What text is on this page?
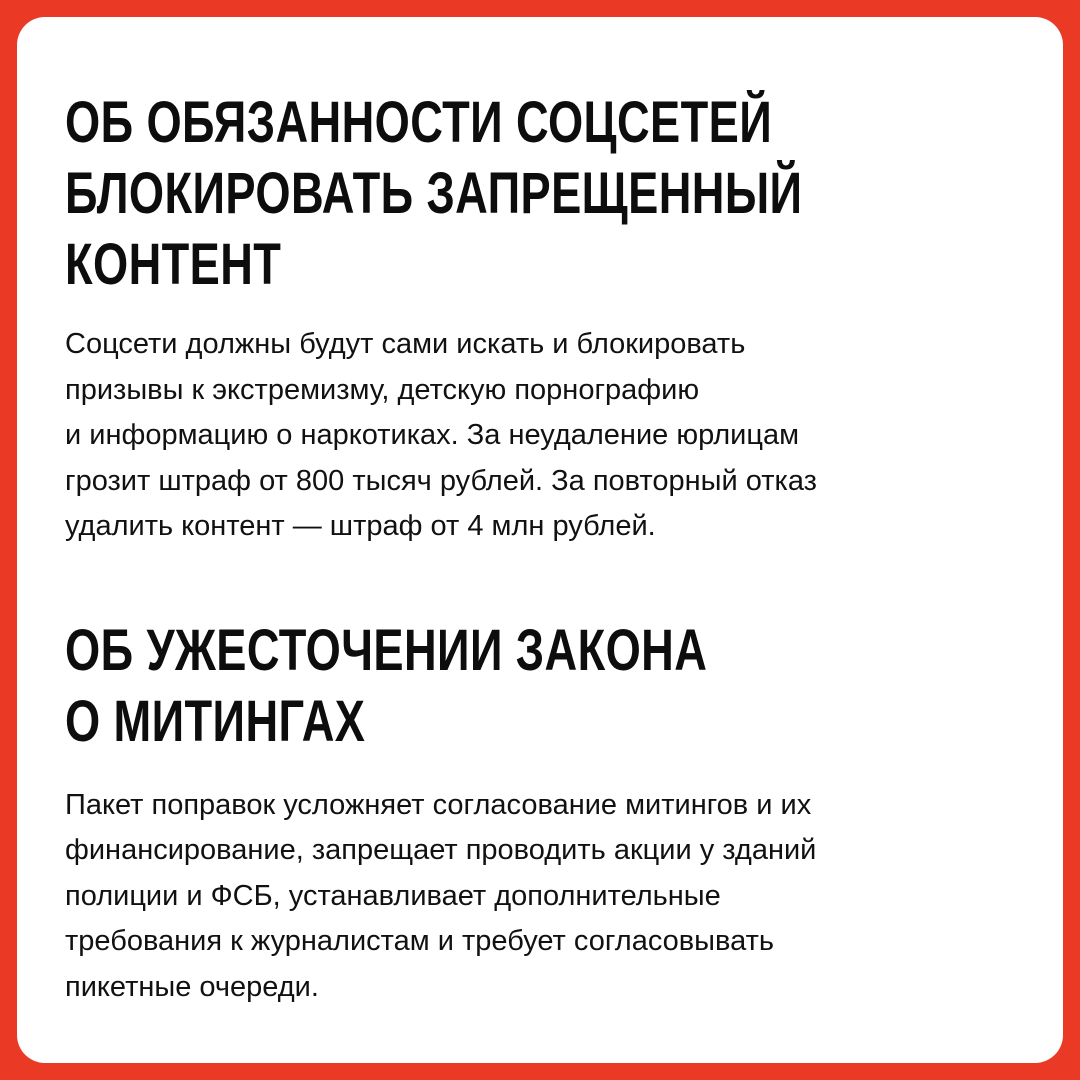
ОБ ОБЯЗАННОСТИ СОЦСЕТЕЙ
БЛОКИРОВАТЬ ЗАПРЕЩЕННЫЙ
КОНТЕНТ

Соцсети должны будут сами искать и блокировать
призывы к экстремизму, детскую порнографию
и информацию о наркотиках. За неудаление юрлицам
грозит штраф от 800 тысяч рублей. За повторный отказ
удалить контент — штраф от 4 млн рублей.

ОБ УЖЕСТОЧЕНИИ ЗАКОНА
О МИТИНГАХ

Пакет поправок усложняет согласование митингов и их
финансирование, запрещает проводить акции у зданий
полиции и ФСБ, устанавливает дополнительные
требования к журналистам и требует согласовывать
пикетные очереди.
